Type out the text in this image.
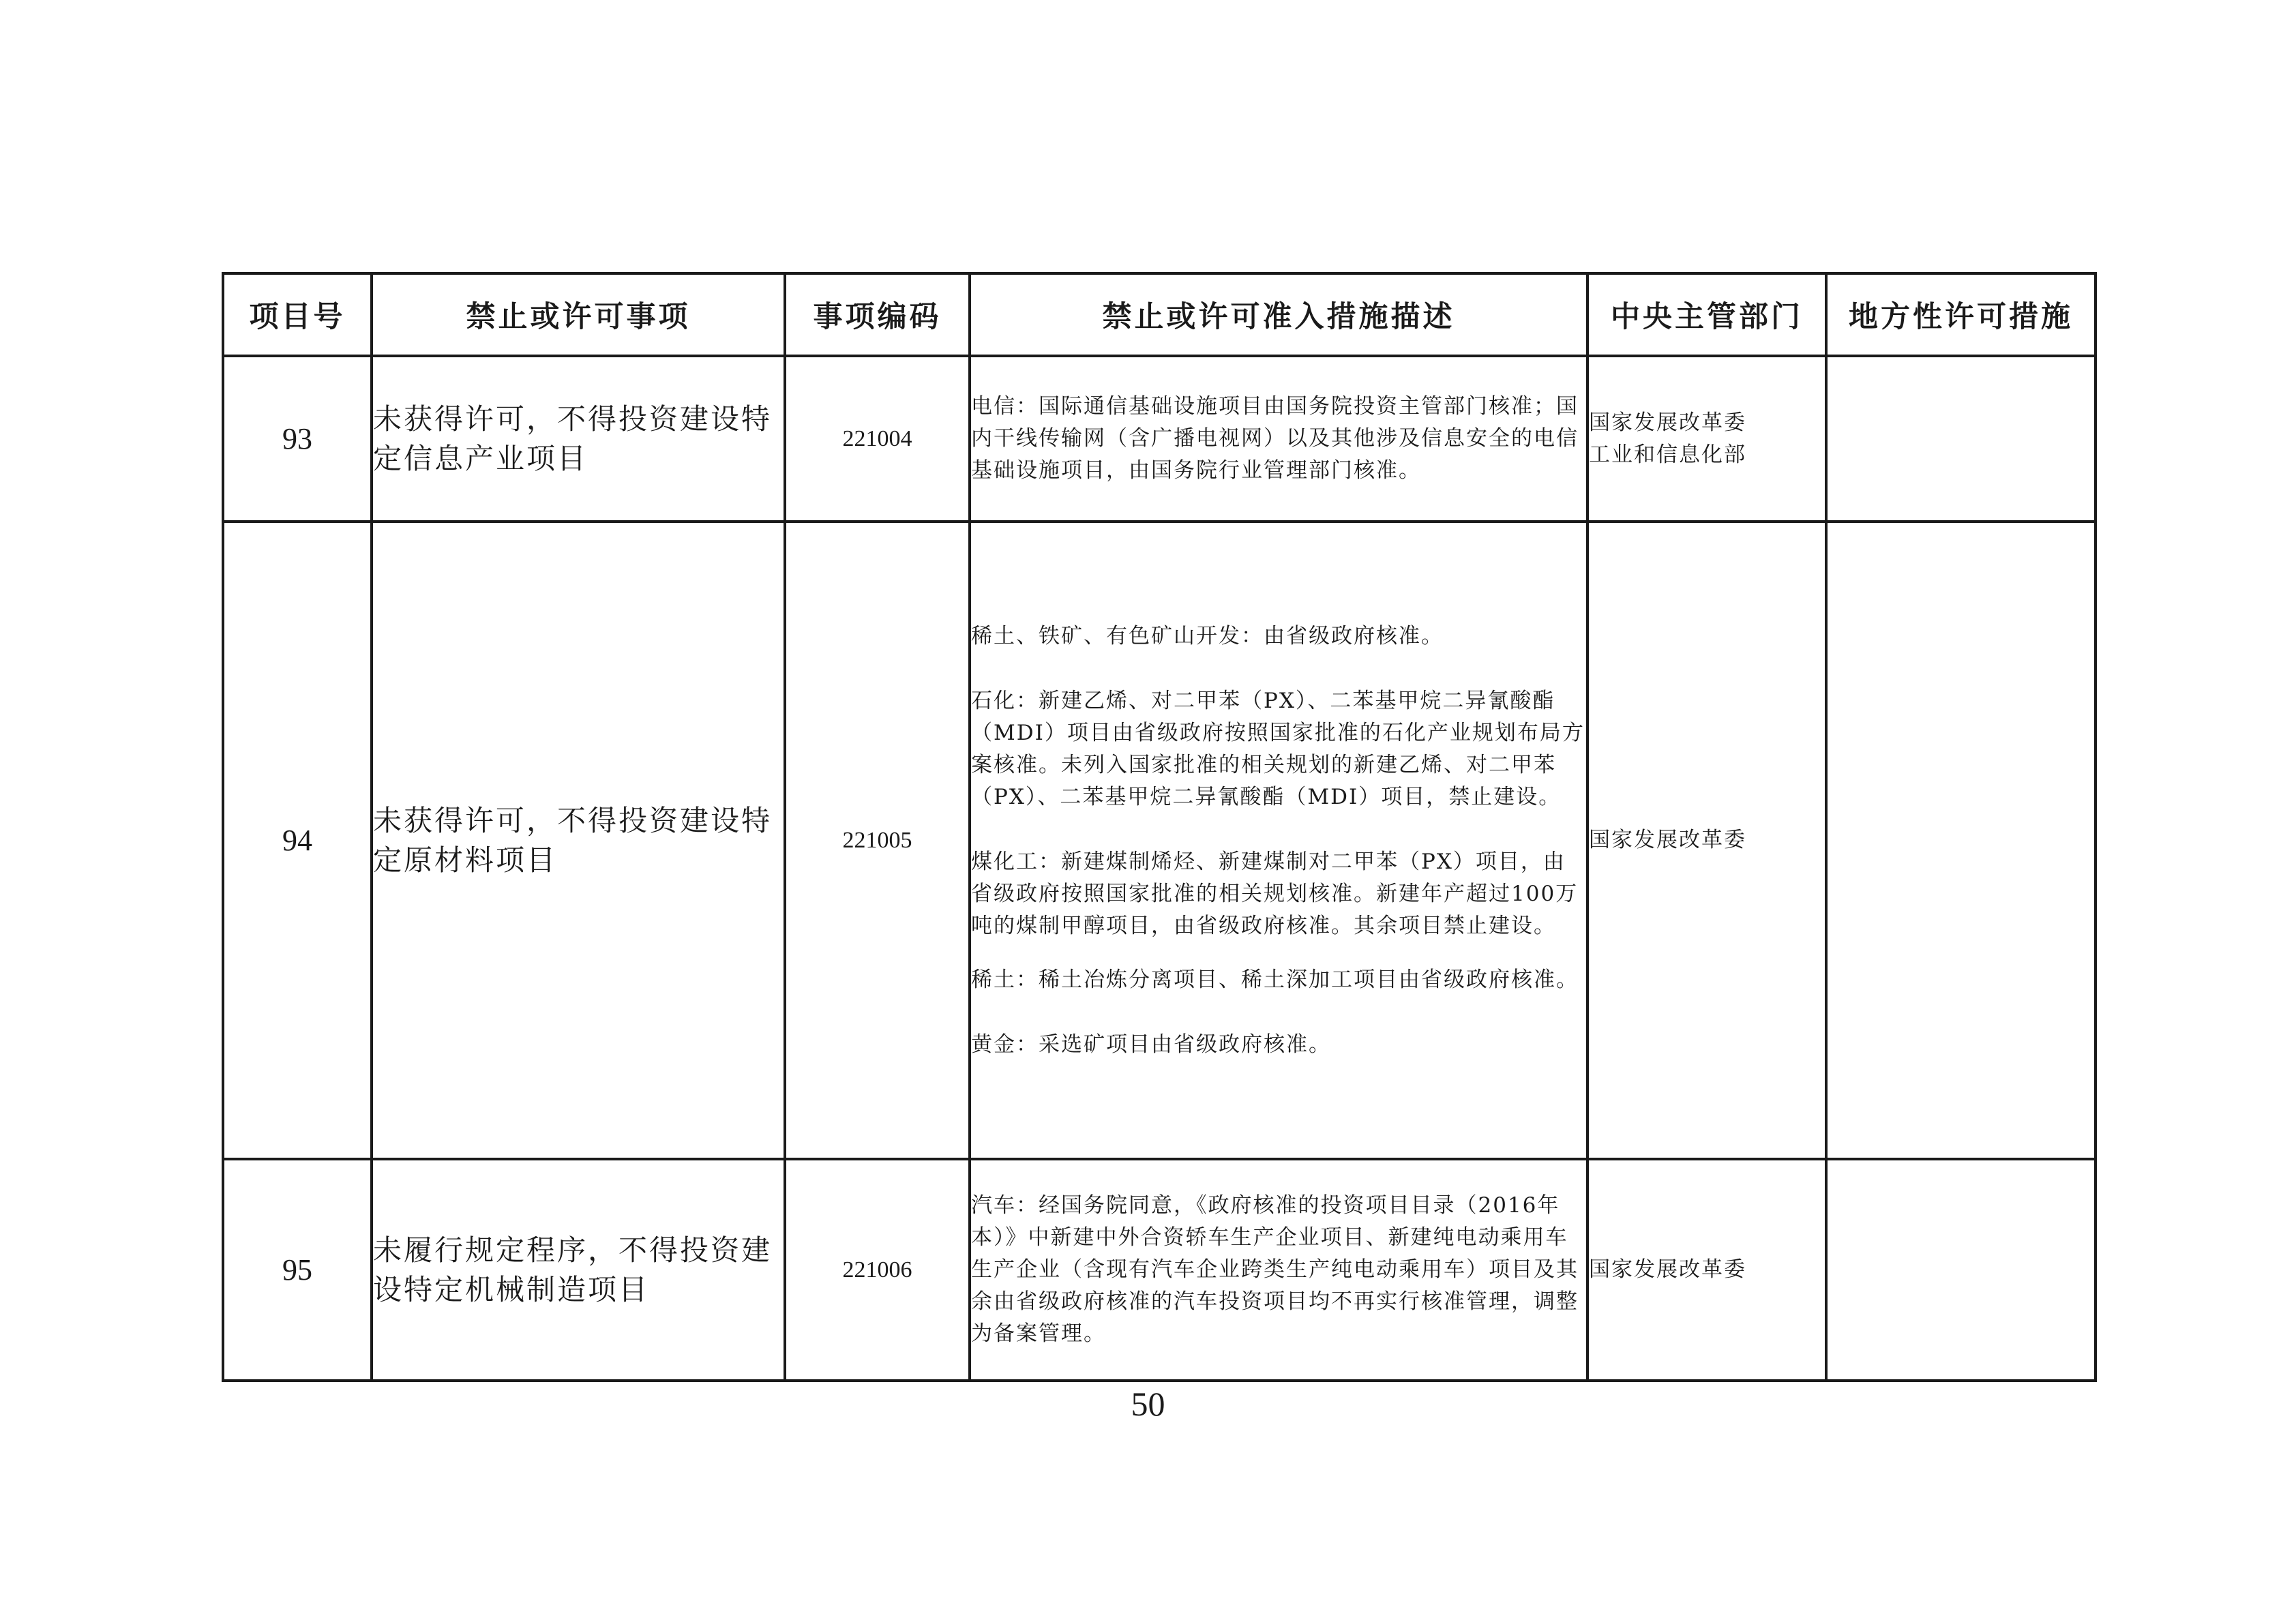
项目号	禁止或许可事项	事项编码	禁止或许可准入措施描述	中央主管部门	地方性许可措施
93	未获得许可，不得投资建设特定信息产业项目	221004	电信：国际通信基础设施项目由国务院投资主管部门核准；国内干线传输网（含广播电视网）以及其他涉及信息安全的电信基础设施项目，由国务院行业管理部门核准。	国家发展改革委
工业和信息化部	

94	未获得许可，不得投资建设特定原材料项目	221005	稀土、铁矿、有色矿山开发：由省级政府核准。

石化：新建乙烯、对二甲苯（PX）、二苯基甲烷二异氰酸酯（MDI）项目由省级政府按照国家批准的石化产业规划布局方案核准。未列入国家批准的相关规划的新建乙烯、对二甲苯（PX）、二苯基甲烷二异氰酸酯（MDI）项目，禁止建设。

煤化工：新建煤制烯烃、新建煤制对二甲苯（PX）项目，由省级政府按照国家批准的相关规划核准。新建年产超过100万吨的煤制甲醇项目，由省级政府核准。其余项目禁止建设。

稀土：稀土冶炼分离项目、稀土深加工项目由省级政府核准。

黄金：采选矿项目由省级政府核准。	国家发展改革委	

95	未履行规定程序，不得投资建设特定机械制造项目	221006	汽车：经国务院同意，《政府核准的投资项目目录（2016年本）》中新建中外合资轿车生产企业项目、新建纯电动乘用车生产企业（含现有汽车企业跨类生产纯电动乘用车）项目及其余由省级政府核准的汽车投资项目均不再实行核准管理，调整为备案管理。	国家发展改革委	

50
